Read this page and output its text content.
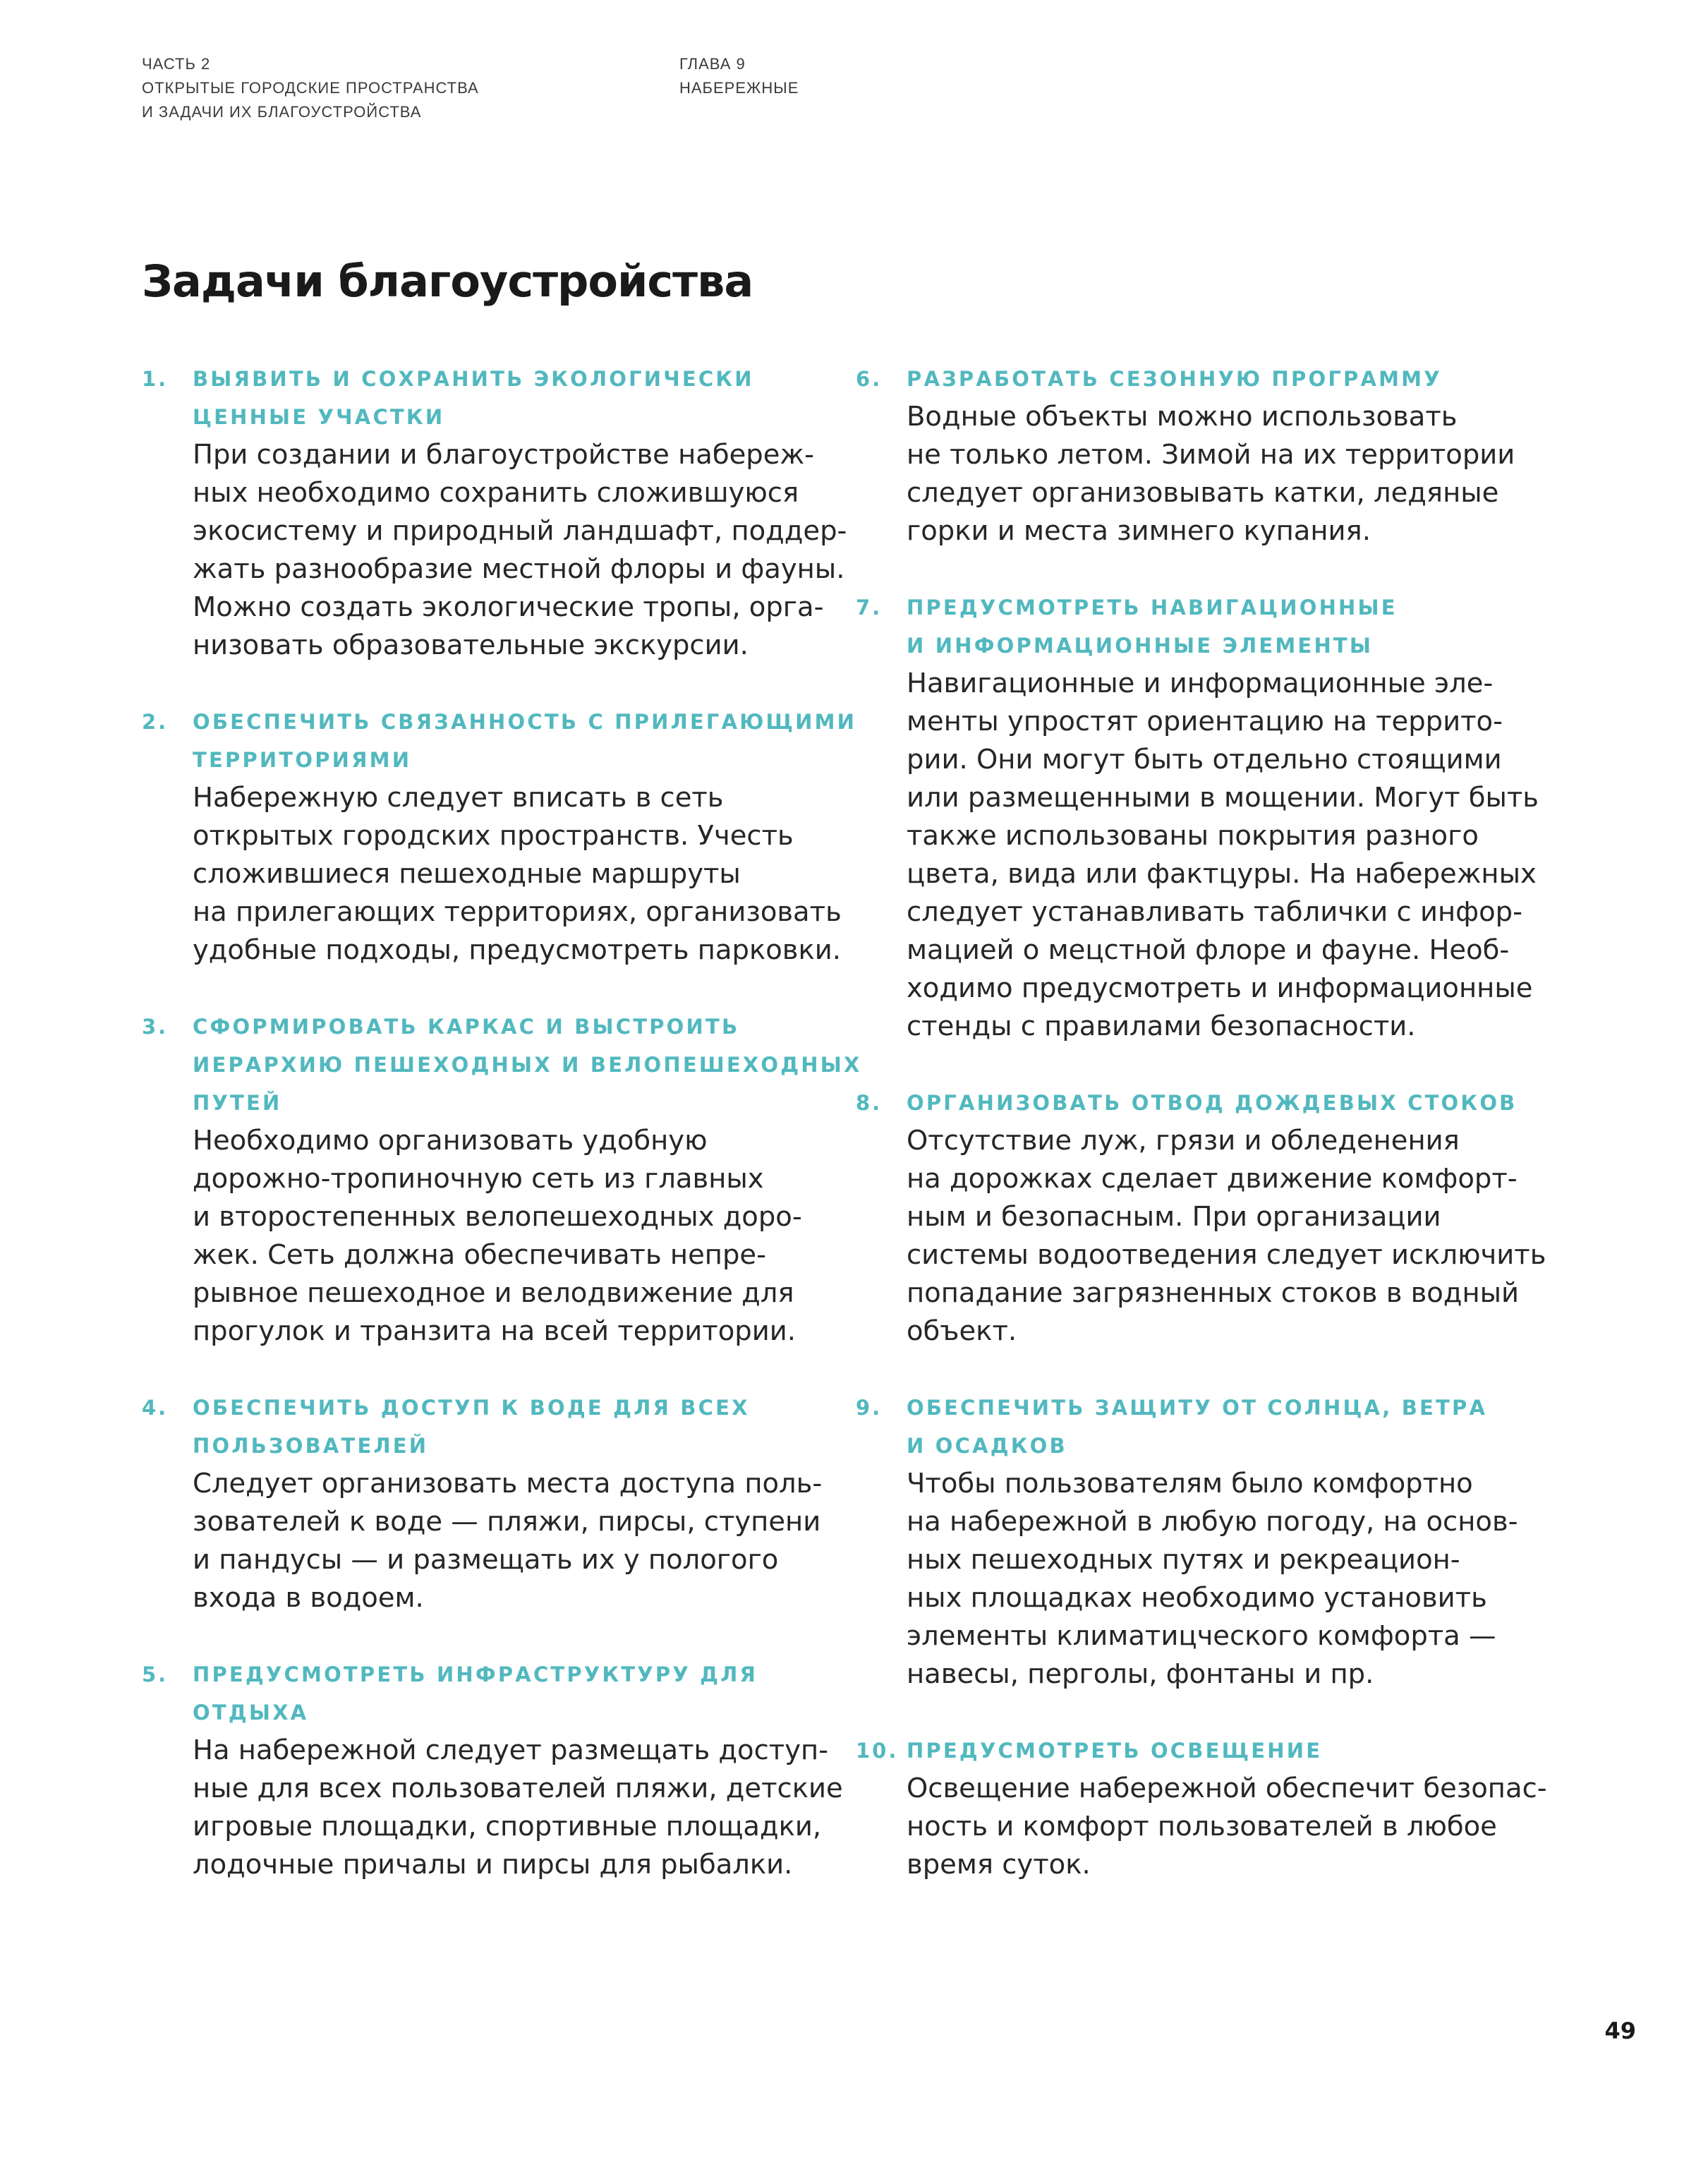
ЧАСТЬ 2
ОТКРЫТЫЕ ГОРОДСКИЕ ПРОСТРАНСТВА
И ЗАДАЧИ ИХ БЛАГОУСТРОЙСТВА
ГЛАВА 9
НАБЕРЕЖНЫЕ
Задачи благоустройства
1. ВЫЯВИТЬ И СОХРАНИТЬ ЭКОЛОГИЧЕСКИ
ЦЕННЫЕ УЧАСТКИ
При создании и благоустройстве набереж-
ных необходимо сохранить сложившуюся
экосистему и природный ландшафт, поддер-
жать разнообразие местной флоры и фауны.
Можно создать экологические тропы, орга-
низовать образовательные экскурсии.
2. ОБЕСПЕЧИТЬ СВЯЗАННОСТЬ С ПРИЛЕГАЮЩИМИ
ТЕРРИТОРИЯМИ
Набережную следует вписать в сеть
открытых городских пространств. Учесть
сложившиеся пешеходные маршруты
на прилегающих территориях, организовать
удобные подходы, предусмотреть парковки.
3. СФОРМИРОВАТЬ КАРКАС И ВЫСТРОИТЬ
ИЕРАРХИЮ ПЕШЕХОДНЫХ И ВЕЛОПЕШЕХОДНЫХ
ПУТЕЙ
Необходимо организовать удобную
дорожно-тропиночную сеть из главных
и второстепенных велопешеходных доро-
жек. Сеть должна обеспечивать непре-
рывное пешеходное и велодвижение для
прогулок и транзита на всей территории.
4. ОБЕСПЕЧИТЬ ДОСТУП К ВОДЕ ДЛЯ ВСЕХ
ПОЛЬЗОВАТЕЛЕЙ
Следует организовать места доступа поль-
зователей к воде — пляжи, пирсы, ступени
и пандусы — и размещать их у пологого
входа в водоем.
5. ПРЕДУСМОТРЕТЬ ИНФРАСТРУКТУРУ ДЛЯ
ОТДЫХА
На набережной следует размещать доступ-
ные для всех пользователей пляжи, детские
игровые площадки, спортивные площадки,
лодочные причалы и пирсы для рыбалки.
6. РАЗРАБОТАТЬ СЕЗОННУЮ ПРОГРАММУ
Водные объекты можно использовать
не только летом. Зимой на их территории
следует организовывать катки, ледяные
горки и места зимнего купания.
7. ПРЕДУСМОТРЕТЬ НАВИГАЦИОННЫЕ
И ИНФОРМАЦИОННЫЕ ЭЛЕМЕНТЫ
Навигационные и информационные эле-
менты упростят ориентацию на террито-
рии. Они могут быть отдельно стоящими
или размещенными в мощении. Могут быть
также использованы покрытия разного
цвета, вида или фактцуры. На набережных
следует устанавливать таблички с инфор-
мацией о мецстной флоре и фауне. Необ-
ходимо предусмотреть и информационные
стенды с правилами безопасности.
8. ОРГАНИЗОВАТЬ ОТВОД ДОЖДЕВЫХ СТОКОВ
Отсутствие луж, грязи и обледенения
на дорожках сделает движение комфорт-
ным и безопасным. При организации
системы водоотведения следует исключить
попадание загрязненных стоков в водный
объект.
9. ОБЕСПЕЧИТЬ ЗАЩИТУ ОТ СОЛНЦА, ВЕТРА
И ОСАДКОВ
Чтобы пользователям было комфортно
на набережной в любую погоду, на основ-
ных пешеходных путях и рекреацион-
ных площадках необходимо установить
элементы климатицческого комфорта —
навесы, перголы, фонтаны и пр.
10. ПРЕДУСМОТРЕТЬ ОСВЕЩЕНИЕ
Освещение набережной обеспечит безопас-
ность и комфорт пользователей в любое
время суток.
49
